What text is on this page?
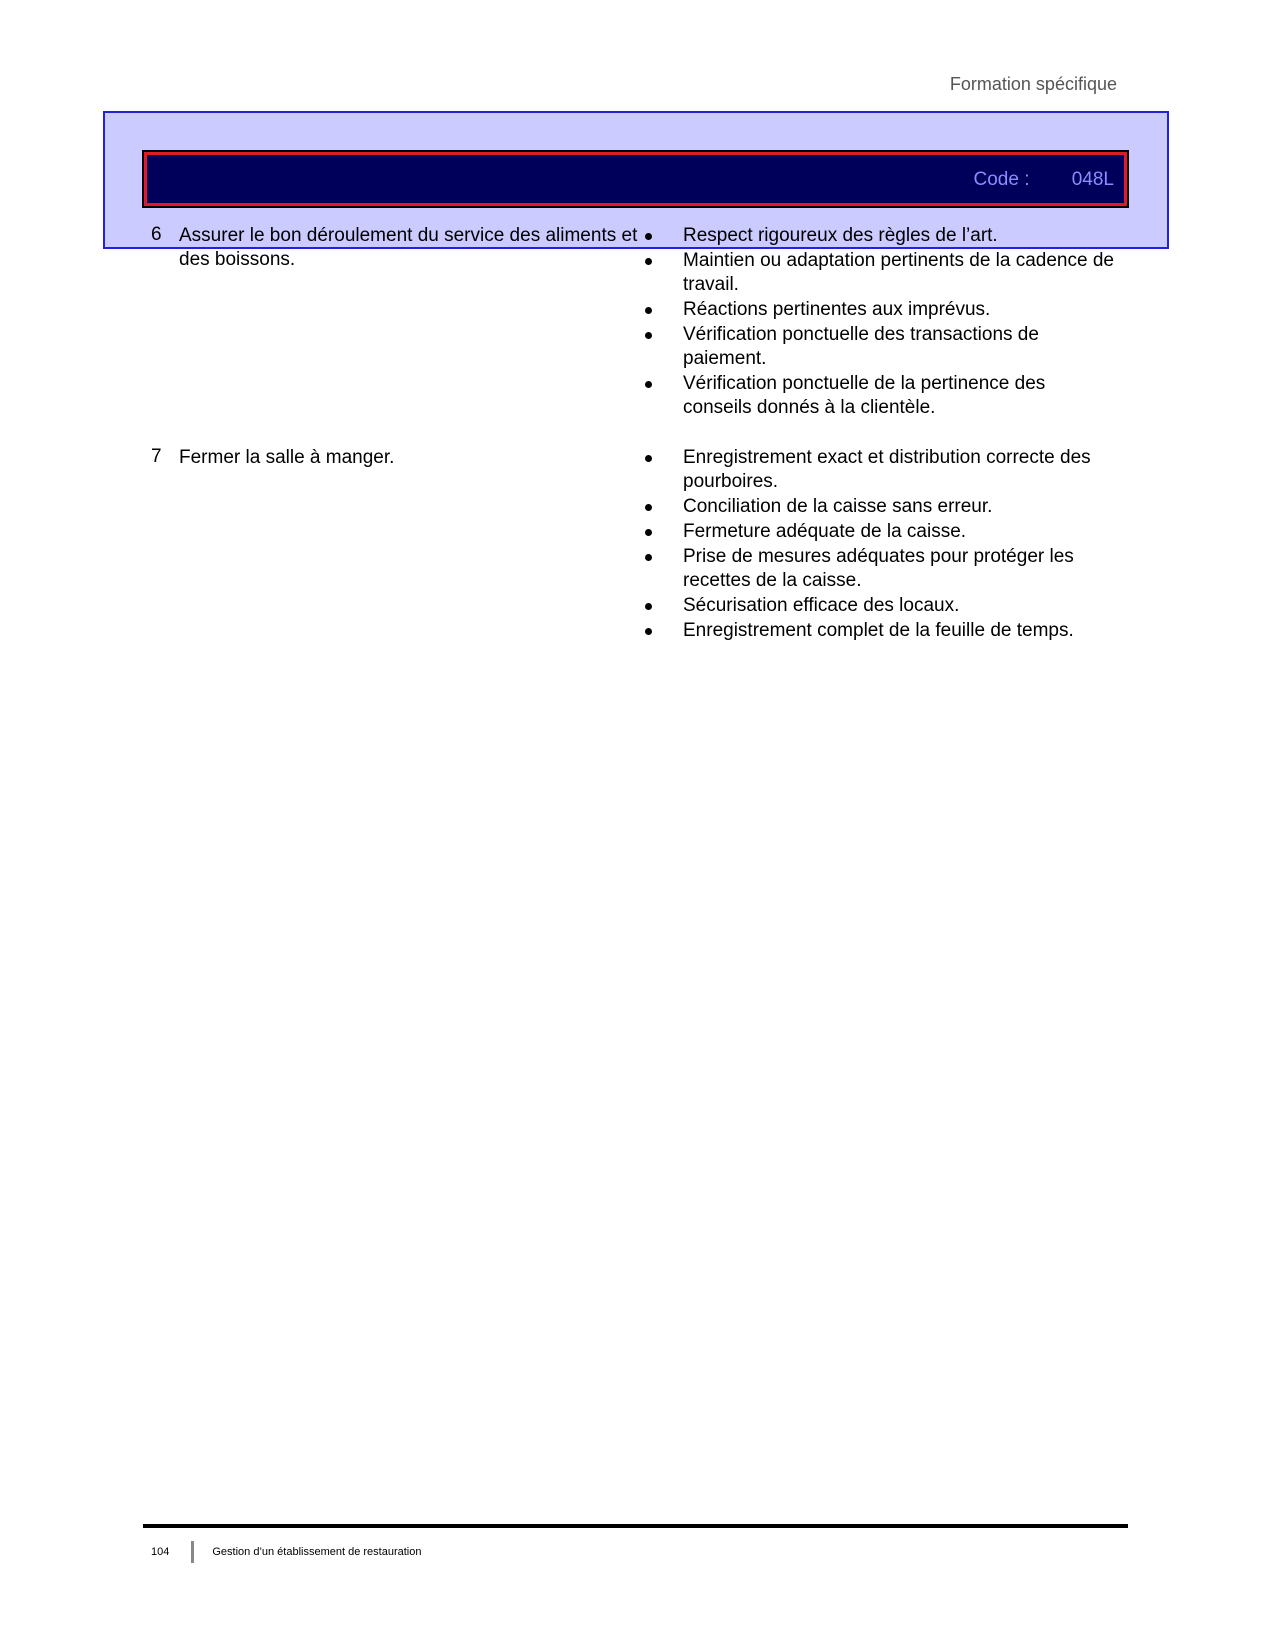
Formation spécifique
Code : 048L
6 Assurer le bon déroulement du service des aliments et des boissons.
Respect rigoureux des règles de l’art.
Maintien ou adaptation pertinents de la cadence de travail.
Réactions pertinentes aux imprévus.
Vérification ponctuelle des transactions de paiement.
Vérification ponctuelle de la pertinence des conseils donnés à la clientèle.
7 Fermer la salle à manger.	Enregistrement exact et distribution correcte des pourboires.
Conciliation de la caisse sans erreur.
Fermeture adéquate de la caisse.
Prise de mesures adéquates pour protéger les recettes de la caisse.
Sécurisation efficace des locaux.
Enregistrement complet de la feuille de temps.
104	Gestion d’un établissement de restauration
